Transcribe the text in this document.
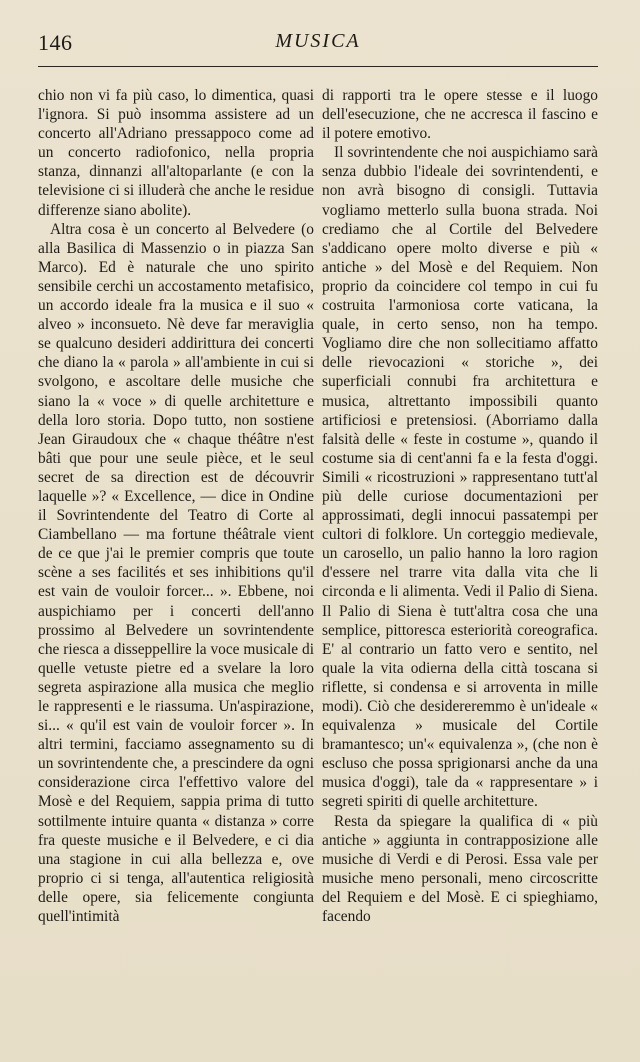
146	MUSICA

chio non vi fa più caso, lo dimentica, quasi l'ignora. Si può insomma assistere ad un concerto all'Adriano pressappoco come ad un concerto radiofonico, nella propria stanza, dinnanzi all'altoparlante (e con la televisione ci si illuderà che anche le residue differenze siano abolite).

Altra cosa è un concerto al Belvedere (o alla Basilica di Massenzio o in piazza San Marco). Ed è naturale che uno spirito sensibile cerchi un accostamento metafisico, un accordo ideale fra la musica e il suo « alveo » inconsueto. Nè deve far meraviglia se qualcuno desideri addirittura dei concerti che diano la « parola » all'ambiente in cui si svolgono, e ascoltare delle musiche che siano la « voce » di quelle architetture e della loro storia. Dopo tutto, non sostiene Jean Giraudoux che « chaque théâtre n'est bâti que pour une seule pièce, et le seul secret de sa direction est de découvrir laquelle »? « Excellence, — dice in Ondine il Sovrintendente del Teatro di Corte al Ciambellano — ma fortune théâtrale vient de ce que j'ai le premier compris que toute scène a ses facilités et ses inhibitions qu'il est vain de vouloir forcer... ». Ebbene, noi auspichiamo per i concerti dell'anno prossimo al Belvedere un sovrintendente che riesca a disseppellire la voce musicale di quelle vetuste pietre ed a svelare la loro segreta aspirazione alla musica che meglio le rappresenti e le riassuma. Un'aspirazione, si... « qu'il est vain de vouloir forcer ». In altri termini, facciamo assegnamento su di un sovrintendente che, a prescindere da ogni considerazione circa l'effettivo valore del Mosè e del Requiem, sappia prima di tutto sottilmente intuire quanta « distanza » corre fra queste musiche e il Belvedere, e ci dia una stagione in cui alla bellezza e, ove proprio ci si tenga, all'autentica religiosità delle opere, sia felicemente congiunta quell'intimità

di rapporti tra le opere stesse e il luogo dell'esecuzione, che ne accresca il fascino e il potere emotivo.

Il sovrintendente che noi auspichiamo sarà senza dubbio l'ideale dei sovrintendenti, e non avrà bisogno di consigli. Tuttavia vogliamo metterlo sulla buona strada. Noi crediamo che al Cortile del Belvedere s'addicano opere molto diverse e più « antiche » del Mosè e del Requiem. Non proprio da coincidere col tempo in cui fu costruita l'armoniosa corte vaticana, la quale, in certo senso, non ha tempo. Vogliamo dire che non sollecitiamo affatto delle rievocazioni « storiche », dei superficiali connubi fra architettura e musica, altrettanto impossibili quanto artificiosi e pretensiosi. (Aborriamo dalla falsità delle « feste in costume », quando il costume sia di cent'anni fa e la festa d'oggi. Simili « ricostruzioni » rappresentano tutt'al più delle curiose documentazioni per approssimati, degli innocui passatempi per cultori di folklore. Un corteggio medievale, un carosello, un palio hanno la loro ragion d'essere nel trarre vita dalla vita che li circonda e li alimenta. Vedi il Palio di Siena. Il Palio di Siena è tutt'altra cosa che una semplice, pittoresca esteriorità coreografica. E' al contrario un fatto vero e sentito, nel quale la vita odierna della città toscana si riflette, si condensa e si arroventa in mille modi). Ciò che desidereremmo è un'ideale « equivalenza » musicale del Cortile bramantesco; un'« equivalenza », (che non è escluso che possa sprigionarsi anche da una musica d'oggi), tale da « rappresentare » i segreti spiriti di quelle architetture.

Resta da spiegare la qualifica di « più antiche » aggiunta in contrapposizione alle musiche di Verdi e di Perosi. Essa vale per musiche meno personali, meno circoscritte del Requiem e del Mosè. E ci spieghiamo, facendo
